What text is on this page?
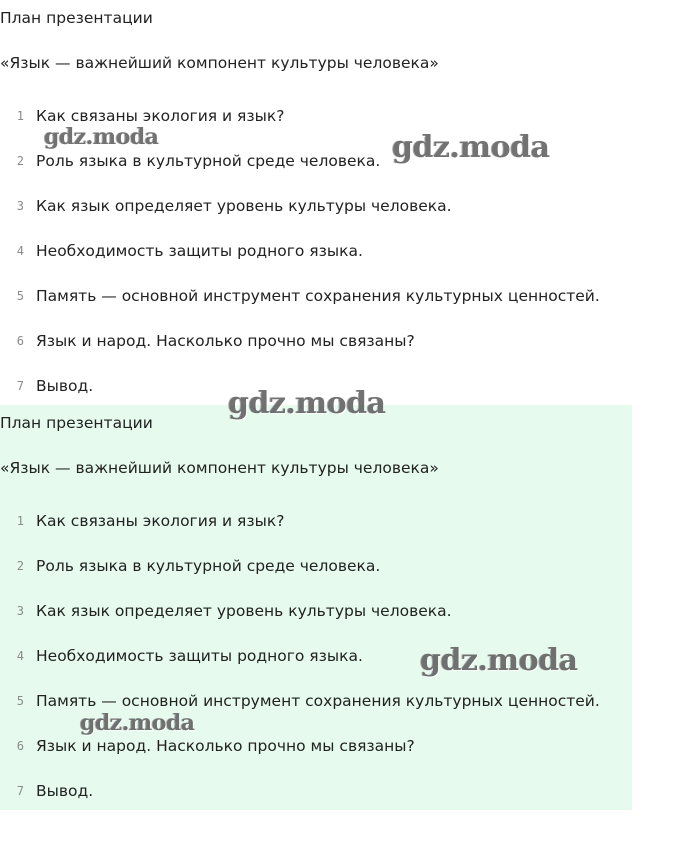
План презентации
«Язык — важнейший компонент культуры человека»
1 Как связаны экология и язык?
2 Роль языка в культурной среде человека.
3 Как язык определяет уровень культуры человека.
4 Необходимость защиты родного языка.
5 Память — основной инструмент сохранения культурных ценностей.
6 Язык и народ. Насколько прочно мы связаны?
7 Вывод.
План презентации
«Язык — важнейший компонент культуры человека»
1 Как связаны экология и язык?
2 Роль языка в культурной среде человека.
3 Как язык определяет уровень культуры человека.
4 Необходимость защиты родного языка.
5 Память — основной инструмент сохранения культурных ценностей.
6 Язык и народ. Насколько прочно мы связаны?
7 Вывод.
gdz.moda	gdz.moda
gdz.moda
gdz.moda
gdz.moda
